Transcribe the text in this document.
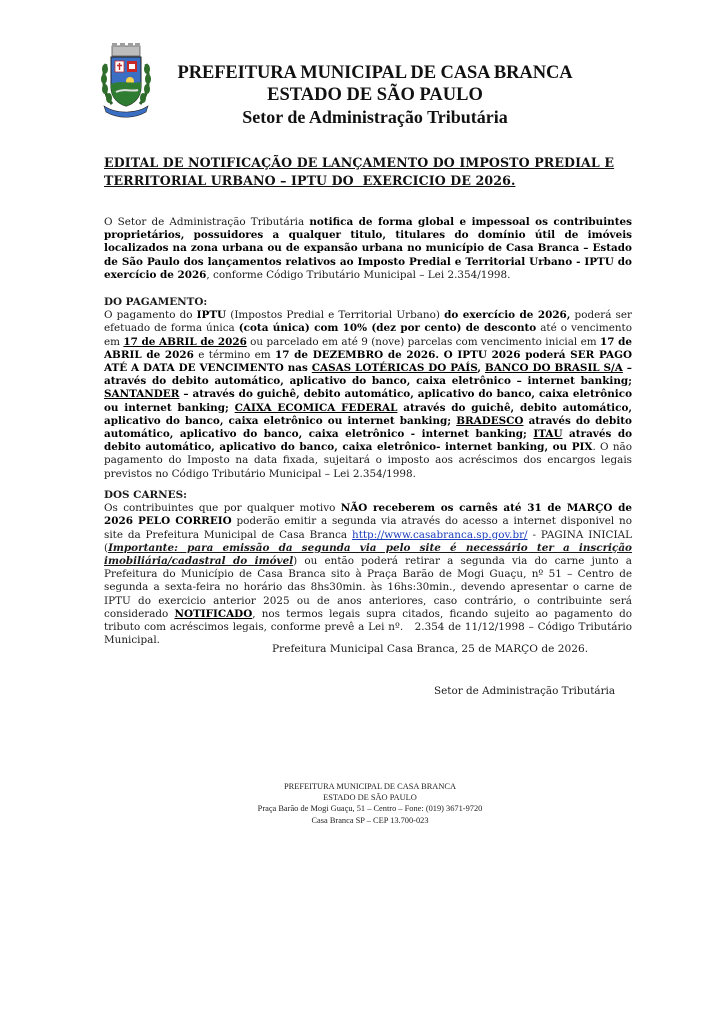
PREFEITURA MUNICIPAL DE CASA BRANCA
ESTADO DE SÃO PAULO
Setor de Administração Tributária
EDITAL DE NOTIFICAÇÃO DE LANÇAMENTO DO IMPOSTO PREDIAL E
TERRITORIAL URBANO – IPTU DO  EXERCICIO DE 2026.
O Setor de Administração Tributária notifica de forma global e impessoal os contribuintes proprietários, possuidores a qualquer titulo, titulares do domínio útil de imóveis localizados na zona urbana ou de expansão urbana no município de Casa Branca – Estado de São Paulo dos lançamentos relativos ao Imposto Predial e Territorial Urbano - IPTU do exercício de 2026, conforme Código Tributário Municipal – Lei 2.354/1998.
DO PAGAMENTO:
O pagamento do IPTU (Impostos Predial e Territorial Urbano) do exercício de 2026, poderá ser efetuado de forma única (cota única) com 10% (dez por cento) de desconto até o vencimento em 17 de ABRIL de 2026 ou parcelado em até 9 (nove) parcelas com vencimento inicial em 17 de ABRIL de 2026 e término em 17 de DEZEMBRO de 2026. O IPTU 2026 poderá SER PAGO ATÉ A DATA DE VENCIMENTO nas CASAS LOTÉRICAS DO PAÍS, BANCO DO BRASIL S/A – através do debito automático, aplicativo do banco, caixa eletrônico – internet banking; SANTANDER – através do guichê, debito automático, aplicativo do banco, caixa eletrônico ou internet banking; CAIXA ECOMICA FEDERAL através do guichê, debito automático, aplicativo do banco, caixa eletrônico ou internet banking; BRADESCO através do debito automático, aplicativo do banco, caixa eletrônico - internet banking; ITAU através do debito automático, aplicativo do banco, caixa eletrônico- internet banking, ou PIX. O não pagamento do Imposto na data fixada, sujeitará o imposto aos acréscimos dos encargos legais previstos no Código Tributário Municipal – Lei 2.354/1998.
DOS CARNES:
Os contribuintes que por qualquer motivo NÃO receberem os carnês até 31 de MARÇO de 2026 PELO CORREIO poderão emitir a segunda via através do acesso a internet disponivel no site da Prefeitura Municipal de Casa Branca http://www.casabranca.sp.gov.br/ - PAGINA INICIAL (Importante: para emissão da segunda via pelo site é necessário ter a inscrição imobiliária/cadastral do imóvel) ou então poderá retirar a segunda via do carne junto a Prefeitura do Município de Casa Branca sito à Praça Barão de Mogi Guaçu, nº 51 – Centro de segunda a sexta-feira no horário das 8hs30min. às 16hs:30min., devendo apresentar o carne de IPTU do exercicio anterior 2025 ou de anos anteriores, caso contrário, o contribuinte será considerado NOTIFICADO, nos termos legais supra citados, ficando sujeito ao pagamento do tributo com acréscimos legais, conforme prevê a Lei nº.   2.354 de 11/12/1998 – Código Tributário Municipal.
Prefeitura Municipal Casa Branca, 25 de MARÇO de 2026.
Setor de Administração Tributária
PREFEITURA MUNICIPAL DE CASA BRANCA
ESTADO DE SÃO PAULO
Praça Barão de Mogi Guaçu, 51 – Centro – Fone: (019) 3671-9720
Casa Branca SP – CEP 13.700-023
